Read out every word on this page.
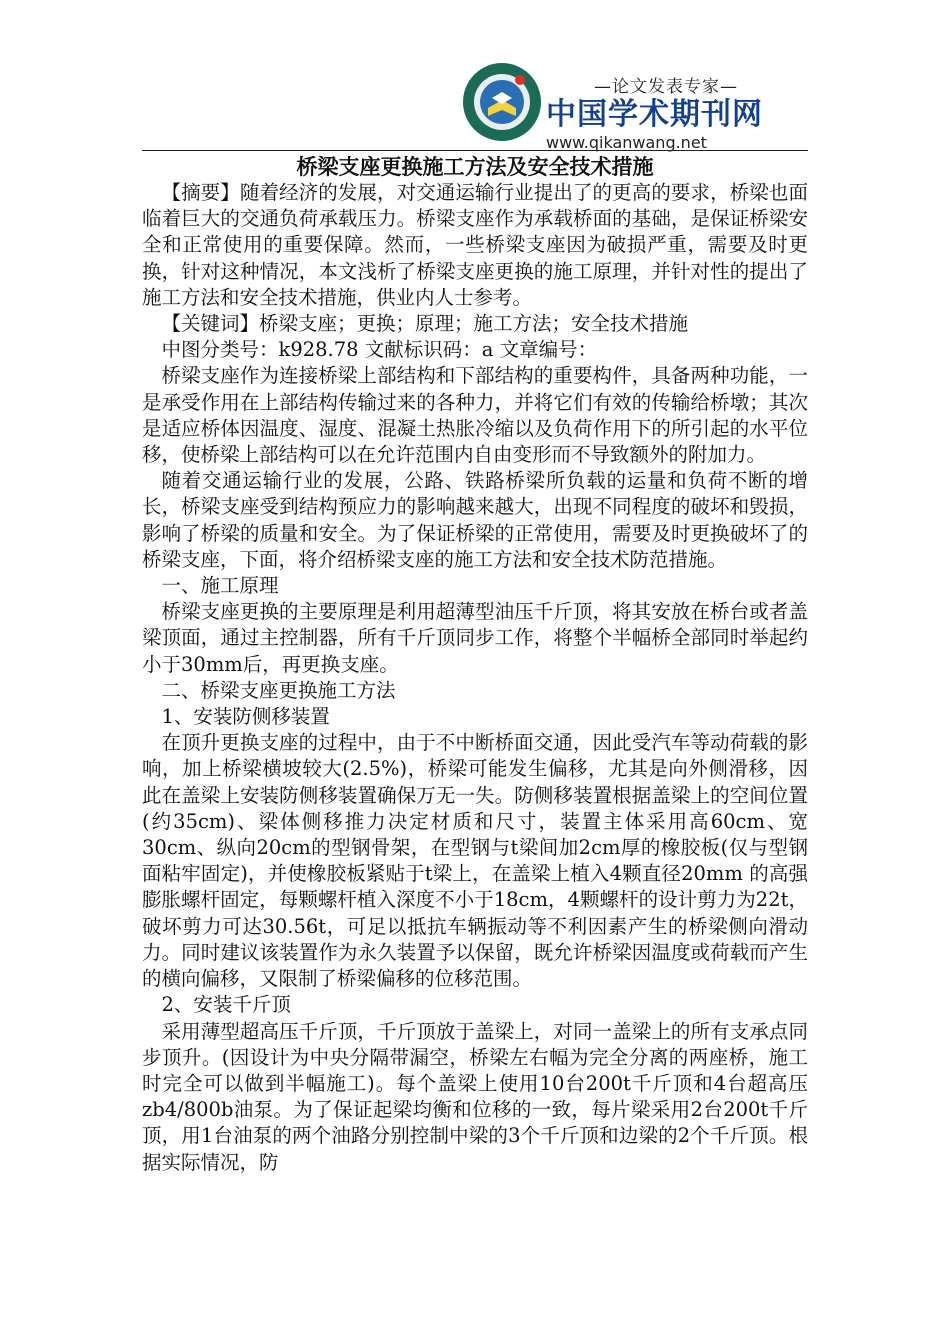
— 论文发表专家 —
中国学术期刊网
www.qikanwang.net
桥梁支座更换施工方法及安全技术措施

【摘要】随着经济的发展，对交通运输行业提出了的更高的要求，桥梁也面临着巨大的交通负荷承载压力。桥梁支座作为承载桥面的基础，是保证桥梁安全和正常使用的重要保障。然而，一些桥梁支座因为破损严重，需要及时更换，针对这种情况，本文浅析了桥梁支座更换的施工原理，并针对性的提出了施工方法和安全技术措施，供业内人士参考。

【关键词】桥梁支座；更换；原理；施工方法；安全技术措施

中图分类号：k928.78 文献标识码：a 文章编号：

桥梁支座作为连接桥梁上部结构和下部结构的重要构件，具备两种功能，一是承受作用在上部结构传输过来的各种力，并将它们有效的传输给桥墩；其次是适应桥体因温度、湿度、混凝土热胀冷缩以及负荷作用下的所引起的水平位移，使桥梁上部结构可以在允许范围内自由变形而不导致额外的附加力。

随着交通运输行业的发展，公路、铁路桥梁所负载的运量和负荷不断的增长，桥梁支座受到结构预应力的影响越来越大，出现不同程度的破坏和毁损，影响了桥梁的质量和安全。为了保证桥梁的正常使用，需要及时更换破坏了的桥梁支座，下面，将介绍桥梁支座的施工方法和安全技术防范措施。

一、施工原理

桥梁支座更换的主要原理是利用超薄型油压千斤顶，将其安放在桥台或者盖梁顶面，通过主控制器，所有千斤顶同步工作，将整个半幅桥全部同时举起约小于30mm后，再更换支座。

二、桥梁支座更换施工方法

1、安装防侧移装置

在顶升更换支座的过程中，由于不中断桥面交通，因此受汽车等动荷载的影响，加上桥梁横坡较大(2.5%)，桥梁可能发生偏移，尤其是向外侧滑移，因此在盖梁上安装防侧移装置确保万无一失。防侧移装置根据盖梁上的空间位置(约35cm)、梁体侧移推力决定材质和尺寸，装置主体采用高60cm、宽30cm、纵向20cm的型钢骨架，在型钢与t梁间加2cm厚的橡胶板(仅与型钢面粘牢固定)，并使橡胶板紧贴于t梁上，在盖梁上植入4颗直径20mm 的高强膨胀螺杆固定，每颗螺杆植入深度不小于18cm，4颗螺杆的设计剪力为22t，破坏剪力可达30.56t，可足以抵抗车辆振动等不利因素产生的桥梁侧向滑动力。同时建议该装置作为永久装置予以保留，既允许桥梁因温度或荷载而产生的横向偏移，又限制了桥梁偏移的位移范围。

2、安装千斤顶

采用薄型超高压千斤顶，千斤顶放于盖梁上，对同一盖梁上的所有支承点同步顶升。(因设计为中央分隔带漏空，桥梁左右幅为完全分离的两座桥，施工时完全可以做到半幅施工)。每个盖梁上使用10台200t千斤顶和4台超高压zb4/800b油泵。为了保证起梁均衡和位移的一致，每片梁采用2台200t千斤顶，用1台油泵的两个油路分别控制中梁的3个千斤顶和边梁的2个千斤顶。根据实际情况，防
